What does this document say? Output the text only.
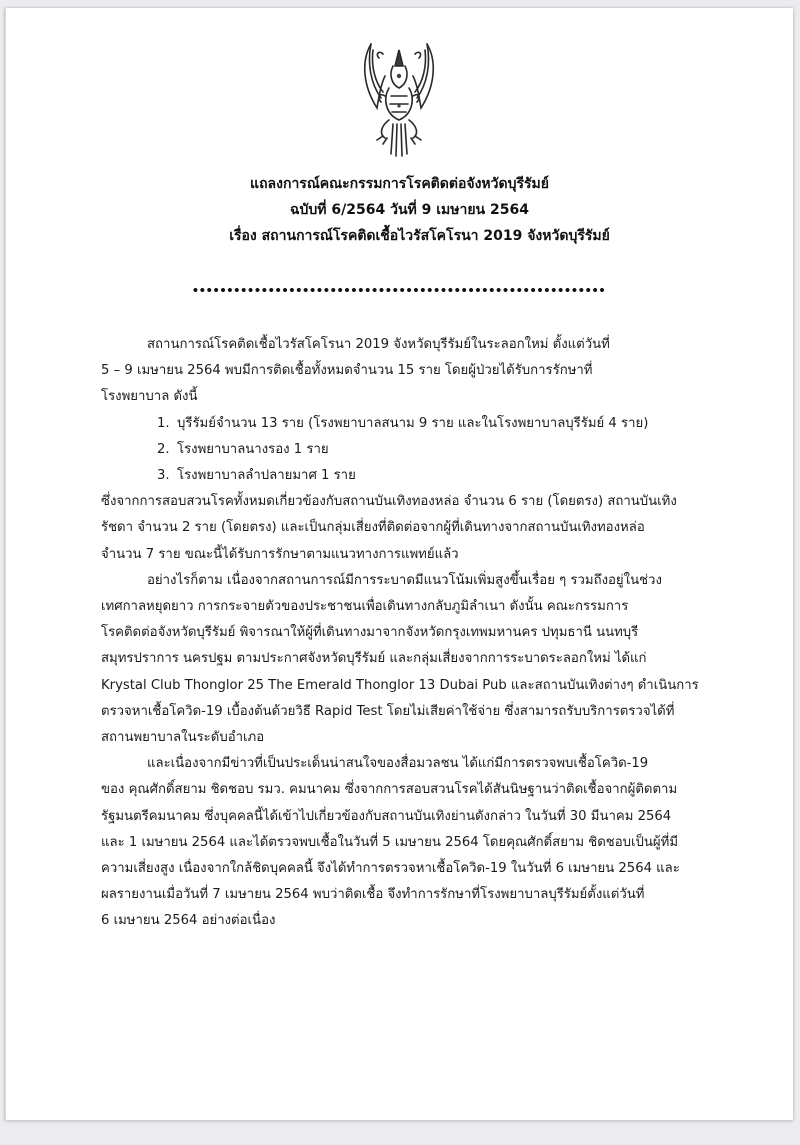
แถลงการณ์คณะกรรมการโรคติดต่อจังหวัดบุรีรัมย์
ฉบับที่ 6/2564 วันที่ 9 เมษายน 2564
เรื่อง สถานการณ์โรคติดเชื้อไวรัสโคโรนา 2019 จังหวัดบุรีรัมย์

สถานการณ์โรคติดเชื้อไวรัสโคโรนา 2019 จังหวัดบุรีรัมย์ในระลอกใหม่ ตั้งแต่วันที่
5 – 9 เมษายน 2564 พบมีการติดเชื้อทั้งหมดจำนวน 15 ราย โดยผู้ป่วยได้รับการรักษาที่
โรงพยาบาล ดังนี้

1. บุรีรัมย์จำนวน 13 ราย (โรงพยาบาลสนาม 9 ราย และในโรงพยาบาลบุรีรัมย์ 4 ราย)
2. โรงพยาบาลนางรอง 1 ราย
3. โรงพยาบาลลำปลายมาศ 1 ราย

ซึ่งจากการสอบสวนโรคทั้งหมดเกี่ยวข้องกับสถานบันเทิงทองหล่อ จำนวน 6 ราย (โดยตรง) สถานบันเทิง
รัชดา จำนวน 2 ราย (โดยตรง) และเป็นกลุ่มเสี่ยงที่ติดต่อจากผู้ที่เดินทางจากสถานบันเทิงทองหล่อ
จำนวน 7 ราย ขณะนี้ได้รับการรักษาตามแนวทางการแพทย์แล้ว

อย่างไรก็ตาม เนื่องจากสถานการณ์มีการระบาดมีแนวโน้มเพิ่มสูงขึ้นเรื่อย ๆ รวมถึงอยู่ในช่วง
เทศกาลหยุดยาว การกระจายตัวของประชาชนเพื่อเดินทางกลับภูมิลำเนา ดังนั้น คณะกรรมการ
โรคติดต่อจังหวัดบุรีรัมย์ พิจารณาให้ผู้ที่เดินทางมาจากจังหวัดกรุงเทพมหานคร ปทุมธานี นนทบุรี
สมุทรปราการ นครปฐม ตามประกาศจังหวัดบุรีรัมย์ และกลุ่มเสี่ยงจากการระบาดระลอกใหม่ ได้แก่
Krystal Club Thonglor 25 The Emerald Thonglor 13 Dubai Pub และสถานบันเทิงต่างๆ ดำเนินการ
ตรวจหาเชื้อโควิด-19 เบื้องต้นด้วยวิธี Rapid Test โดยไม่เสียค่าใช้จ่าย ซึ่งสามารถรับบริการตรวจได้ที่
สถานพยาบาลในระดับอำเภอ

และเนื่องจากมีข่าวที่เป็นประเด็นน่าสนใจของสื่อมวลชน ได้แก่มีการตรวจพบเชื้อโควิด-19
ของ คุณศักดิ์สยาม ชิดชอบ รมว. คมนาคม ซึ่งจากการสอบสวนโรคได้สันนิษฐานว่าติดเชื้อจากผู้ติดตาม
รัฐมนตรีคมนาคม ซึ่งบุคคลนี้ได้เข้าไปเกี่ยวข้องกับสถานบันเทิงย่านดังกล่าว ในวันที่ 30 มีนาคม 2564
และ 1 เมษายน 2564 และได้ตรวจพบเชื้อในวันที่ 5 เมษายน 2564 โดยคุณศักดิ์สยาม ชิดชอบเป็นผู้ที่มี
ความเสี่ยงสูง เนื่องจากใกล้ชิดบุคคลนี้ จึงได้ทำการตรวจหาเชื้อโควิด-19 ในวันที่ 6 เมษายน 2564 และ
ผลรายงานเมื่อวันที่ 7 เมษายน 2564 พบว่าติดเชื้อ จึงทำการรักษาที่โรงพยาบาลบุรีรัมย์ตั้งแต่วันที่
6 เมษายน 2564 อย่างต่อเนื่อง
